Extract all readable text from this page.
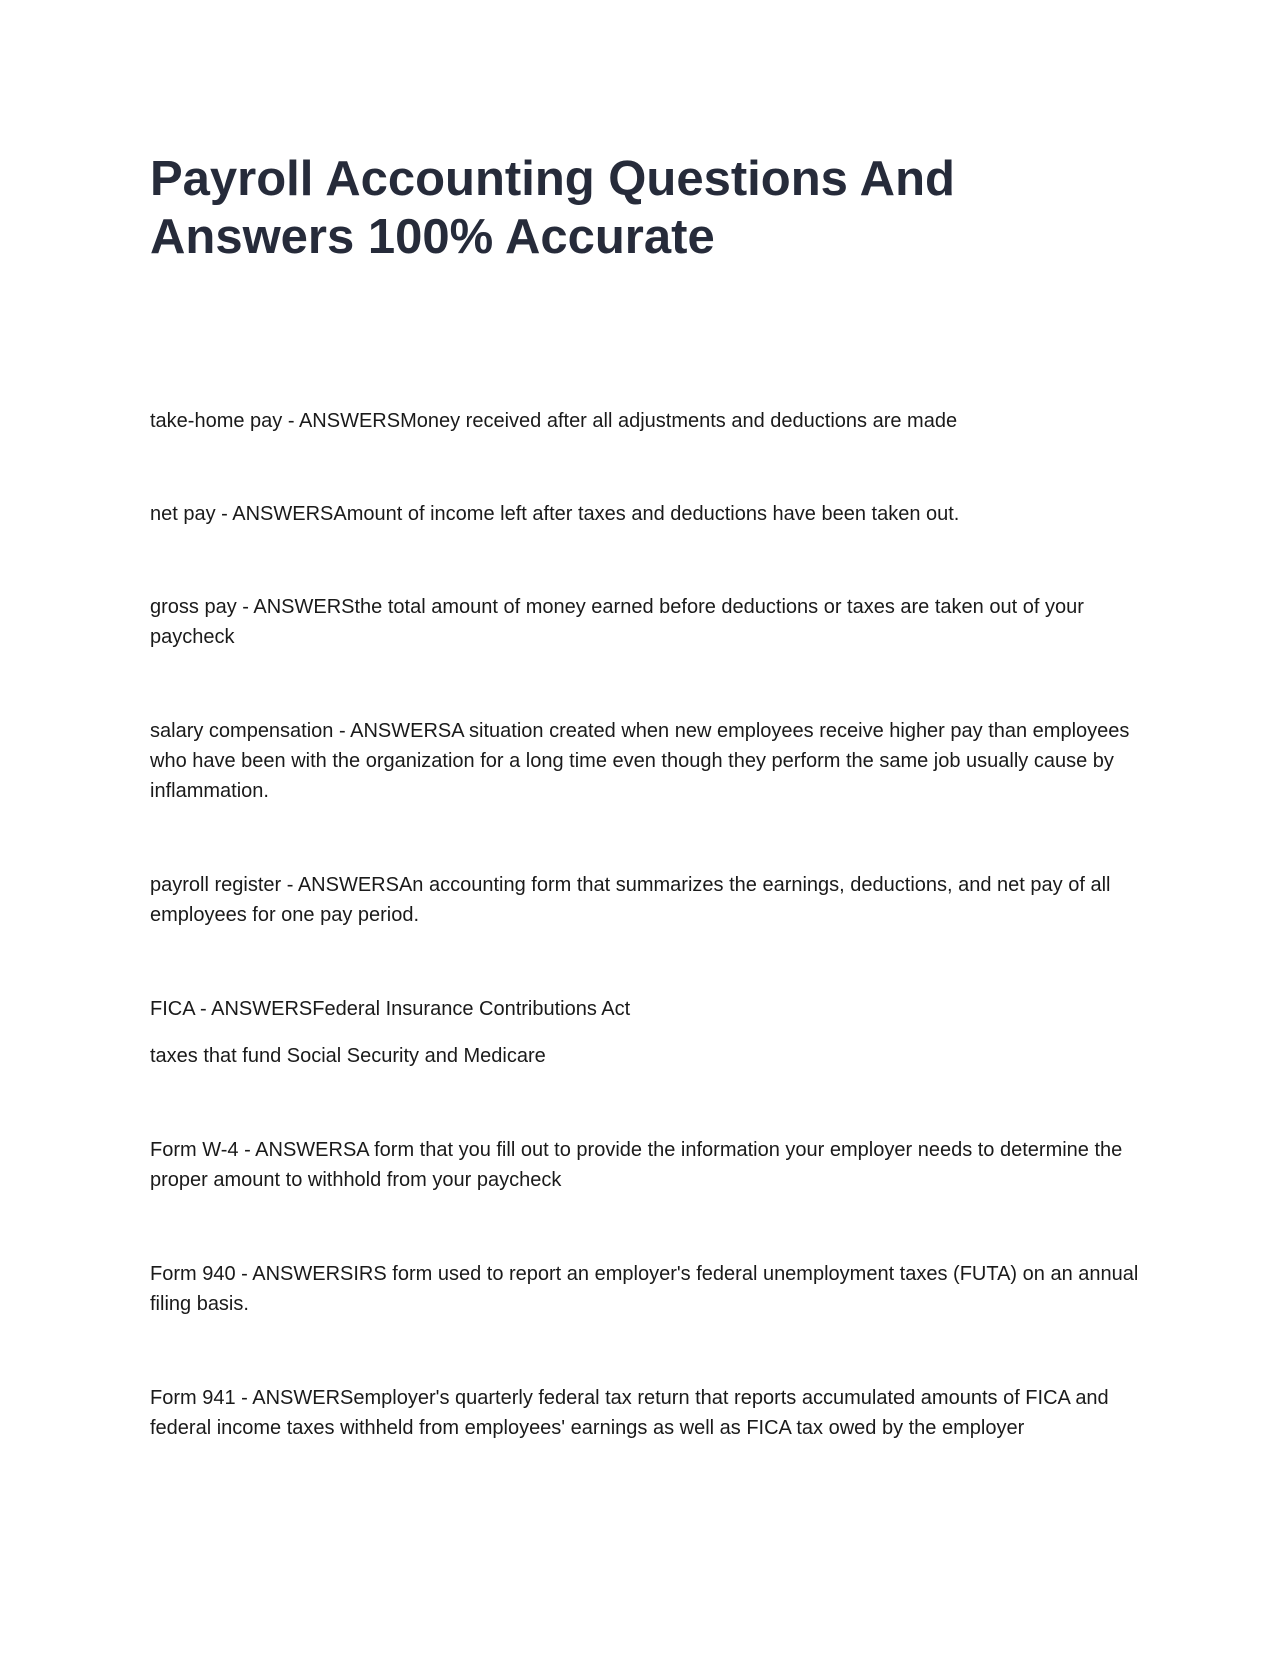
Payroll Accounting Questions And Answers 100% Accurate

take-home pay - ANSWERSMoney received after all adjustments and deductions are made

net pay - ANSWERSAmount of income left after taxes and deductions have been taken out.

gross pay - ANSWERSthe total amount of money earned before deductions or taxes are taken out of your paycheck

salary compensation - ANSWERSA situation created when new employees receive higher pay than employees who have been with the organization for a long time even though they perform the same job usually cause by inflammation.

payroll register - ANSWERSAn accounting form that summarizes the earnings, deductions, and net pay of all employees for one pay period.

FICA - ANSWERSFederal Insurance Contributions Act

taxes that fund Social Security and Medicare

Form W-4 - ANSWERSA form that you fill out to provide the information your employer needs to determine the proper amount to withhold from your paycheck

Form 940 - ANSWERSIRS form used to report an employer's federal unemployment taxes (FUTA) on an annual filing basis.

Form 941 - ANSWERSemployer's quarterly federal tax return that reports accumulated amounts of FICA and federal income taxes withheld from employees' earnings as well as FICA tax owed by the employer
